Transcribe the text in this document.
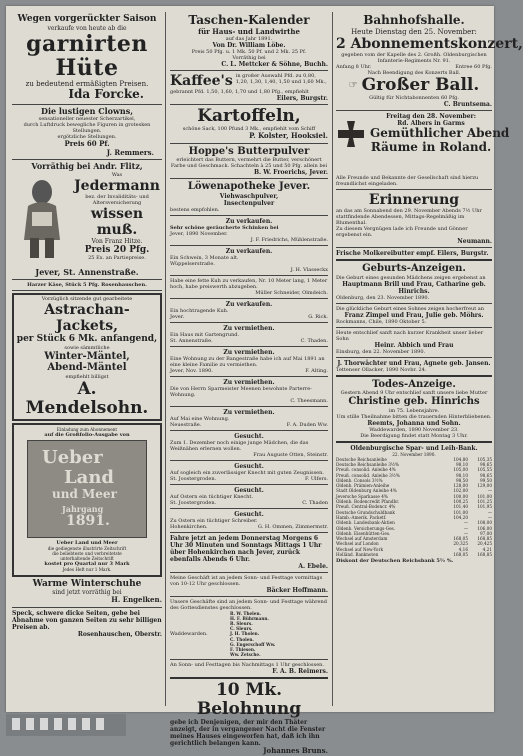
Wegen vorgerückter Saison

verkaufe von heute ab die

garnirten Hüte

zu bedeutend ermäßigten Preisen.

Ida Forcke.

Die lustigen Clowns,

sensationeller neuester Scherzartikel,

durch Luftdruck bewegliche Figuren in grotesken Stellungen.

ergötzliche Stellungen.

Preis 60 Pf.

J. Remmers.

Vorräthig bei Andr. Flitz,

Was

Jedermann

bez. der Invaliditäts- und Altersversicherung

wissen muß.

Von Franz Hitze.

Preis 20 Pfg.

25 Ex. an Partiepreise.

Jever, St. Annenstraße.

Harzer Käse, Stück 5 Pfg. Rosenhauschen.

Vorzüglich sitzende gut gearbeitete

Astrachan-Jackets,

per Stück 6 Mk. anfangend,

sowie sämmtliche

Winter-Mäntel,

Abend-Mäntel

empfiehlt billigst

A. Mendelsohn.

Einladung zum Abonnement

auf die Großfolio-Ausgabe von

Ueber

Land

und Meer

Jahrgang

1891.

Ueber Land und Meer

die gediegenste illustrirte Zeitschrift

die beliebteste und verbreitetste

unterhaltende Zeitschrift

kostet pro Quartal nur 3 Mark

Jedes Heft nur 1 Mark.

Warme Winterschuhe

sind jetzt vorräthig bei

H. Engelken.

Speck, schwere dicke Seiten, gebe bei Abnahme von ganzen Seiten zu sehr billigen Preisen ab.

Rosenhauschen, Oberstr.

Taschen-Kalender

für Haus- und Landwirthe

auf das Jahr 1891.

Von Dr. William Löbe.

Preis 50 Pfg. u. 1 Mk. 50 Pf. und 2 Mk. 25 Pf.

Vorräthig bei

C. L. Mettcker & Söhne, Buchh.

Kaffee's in großer Auswahl Pfd. zu 0,80, 1,20, 1,30, 1,40, 1,50 und 1,60 Mk.,

gebrannt Pfd. 1,50, 1,60, 1,70 und 1,80 Pfg., empfiehlt

Eilers, Burgstr.

Kartoffeln,

schöne Sack, 100 Pfund 3 Mk., empfiehlt vom Schiff

P. Kolster, Hooksiel.

Hoppe's Butterpulver

erleichtert das Buttern, vermehrt die Butter, verschönert Farbe und Geschmack. Schachteln à 25 und 50 Pfg. allein bei

B. W. Froerichs, Jever.

Löwenapotheke Jever.

Viehwaschpulver,

Insectenpulver

bestens empfohlen.

Zu verkaufen.

Sehr schöne geräucherte Schinken bei

Jever, 1890 November.

J. F. Friedrichs, Mühlenstraße.

Zu verkaufen.

Ein Schwein, 3 Monate alt.

Wüppelserstraße.

J. H. Vlasseckx

Habe eine fette Kuh zu verkaufen, Nr. 10 Meter lang, 1 Meter hoch, habe preiswerth abzugeben.

Müller Schneider, Olmdeich.

Zu verkaufen.

Ein hochtragende Kuh.

Jever.	G. Rick.

Zu vermiethen.

Ein Haus mit Gartengrund.

St. Annenstraße.	C. Thaden.

Zu vermiethen.

Eine Wohnung zu der Bangestraße habe ich auf Mai 1891 an eine kleine Familie zu vermiethen.

Jever, Nov. 1890.	F. Alting.

Zu vermiethen.

Die von Herrn Sparmeister Meenen bewohnte Parterre-Wohnung.

C. Theesmann.

Zu vermiethen.

Auf Mai eine Wohnung.

Neuestraße.	F. A. Duden Ww.

Gesucht.

Zum 1. Dezember noch einige junge Mädchen, die das Weißnähen erlernen wollen.

Frau Auguste Otten, Steinstr.

Gesucht.

Auf sogleich ein zuverlässiger Knecht mit guten Zeugnissen.

St. Joostergroden.	F. Ulfers.

Gesucht.

Auf Ostern ein tüchtiger Knecht.

St. Joostergroden.	C. Thaden

Gesucht.

Zu Ostern ein tüchtiger Schreiber.

Hohenkirchen.	G. H. Ommen, Zimmermstr.

Fahre jetzt an jedem Donnerstag Morgens 6 Uhr 30 Minuten und Sonntags Mittags 1 Uhr über Hohenkirchen nach Jever, zurück ebenfalls Abends 6 Uhr.

A. Ebele.

Meine Geschäft ist an jedem Sonn- und Festtage vormittags von 10-12 Uhr geschlossen.

Bäcker Hoffmann.

Unsere Geschäfte sind an jedem Sonn- und Festtage während des Gottesdienstes geschlossen.

Waddewarden.

R. W. Thelen.

H. F. Bührmann.

R. Sleurs.

C. Sleurs.

J. H. Tholen.

C. Tholen.

G. Engerschoff Ww.

F. Thiesen.

Ww. Zetsche.

An Sonn- und Festtagen bis Nachmittags 1 Uhr geschlossen.

F. A. B. Reimers.

10 Mk. Belohnung

gebe ich Denjenigen, der mir den Thäter anzeigt, der in vergangener Nacht die Fenster meines Hauses eingeworfen hat, daß ich ihn gerichtlich belangen kann.

Johannes Bruns.

Bahnhofshalle.

Heute Dienstag den 25. November:

2 Abonnementskonzert,

gegeben vom der Kapelle des 2. Großh. Oldenburgischen Infanterie-Regiments Nr. 91.

Anfang 8 Uhr.	Entree 60 Pfg.

Nach Beendigung des Konzerts Ball.

☞ Großer Ball.

Gültig für Nichtabonnenten 60 Pfg.

C. Bruntsema.

Freitag den 28. November:

Rd. Albers in Garms

Gemüthlicher Abend

Räume in Roland.

Alle Freunde und Bekannte der Gesellschaft sind hierzu freundlichst eingeladen.

Erinnerung

an das am Sonnabend den 29. November Abends 7½ Uhr stattfindende Abendessen, Mittags-Regelmäßig im Blumenthal.

Zu diesem Vergnügen lade ich Freunde und Gönner ergebenst ein.

Neumann.

Frische Molkereibutter empf. Eilers, Burgstr.

Geburts-Anzeigen.

Die Geburt eines gesunden Mädchens zeigen ergebenst an

Hauptmann Brill und Frau, Catharine geb. Hinrichs.

Oldenburg, den 23. November 1890.

Die glückliche Geburt eines Sohnes zeigen hocherfreut an

Franz Zimpel und Frau, Julie geb. Möhrs.

Rockmanns, Chile, 1890 Oktober 5.

Heute entschlief sanft nach kurzer Krankheit unser lieber Sohn

Heinr. Abbich und Frau

Einsburg, den 22. November 1890.

J. Thorwächter und Frau, Agnete geb. Jansen.

Tettenser Ollacker, 1890 Novbr. 24.

Todes-Anzeige.

Gestern Abend 9 Uhr entschlief sanft unsere liebe Mutter

Christine geb. Hinrichs

im 75. Lebensjahre.

Um stille Theilnahme bitten die trauernden Hinterbliebenen.

Reemts, Johanna und Sohn.

Waddewarden, 1890 November 23.

Die Beerdigung findet statt Montag 3 Uhr.

Oldenburgische Spar- und Leih-Bank.

22. November 1890.

Deutsche Reichsanleihe	104,80	105,35
Deutsche Reichsanleihe 3½%	98,10	98,65
Preuß. consolid. Anleihe 4%	105,00	105,55
Preuß. consolid. Anleihe 3½%	98,10	98,65
Oldenb. Consols 3½%	98,50	99,50
Oldenb. Prämien-Anleihe	128,00	129,00
Stadt Oldenburg Anleihe 4%	102,00	—
Jeversche Sparkasse 4%	100,00	101,00
Oldenb. Bodencredit Pfandbr.	100,25	101,25
Preuß. Central-Bodencr. 4%	101,40	101,95
Deutsche Grundschuldbank	101,00	—
Hamb.-Amerik. Packetf.	104,20	—
Oldenb. Landesbank-Aktien	—	108,00
Oldenb. Versicherungs-Ges.	—	106,00
Oldenb. Eisenhütten-Ges.	—	97,00
Wechsel auf Amsterdam	168,05	168,85
Wechsel auf London	20,325	20,425
Wechsel auf New-York	4,16	4,21
Holländ. Banknoten	168,05	168,85

Diskont der Deutschen Reichsbank 5½ %.
